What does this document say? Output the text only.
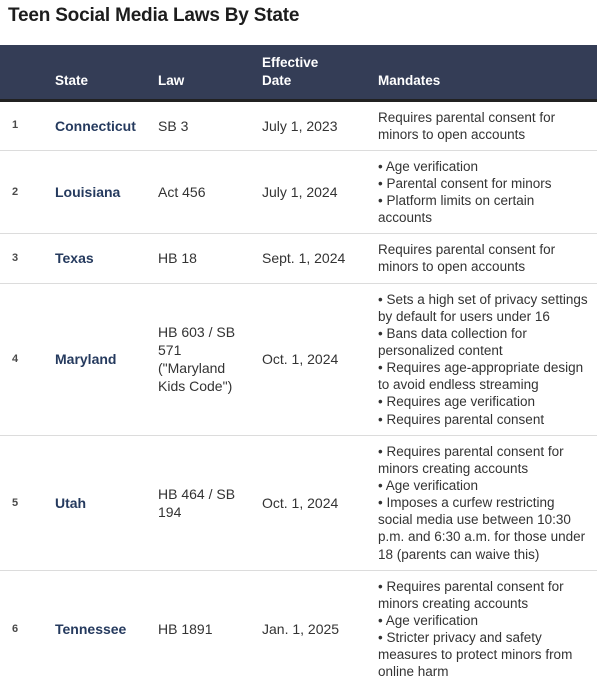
Teen Social Media Laws By State
	State	Law	Effective Date	Mandates
1	Connecticut	SB 3	July 1, 2023	Requires parental consent for minors to open accounts

2	Louisiana	Act 456	July 1, 2024	• Age verification
• Parental consent for minors
• Platform limits on certain accounts

3	Texas	HB 18	Sept. 1, 2024	Requires parental consent for minors to open accounts

4	Maryland	HB 603 / SB 571 ("Maryland Kids Code")	Oct. 1, 2024	• Sets a high set of privacy settings by default for users under 16
• Bans data collection for personalized content
• Requires age-appropriate design to avoid endless streaming
• Requires age verification
• Requires parental consent

5	Utah	HB 464 / SB 194	Oct. 1, 2024	• Requires parental consent for minors creating accounts
• Age verification
• Imposes a curfew restricting social media use between 10:30 p.m. and 6:30 a.m. for those under 18 (parents can waive this)

6	Tennessee	HB 1891	Jan. 1, 2025	• Requires parental consent for minors creating accounts
• Age verification
• Stricter privacy and safety measures to protect minors from online harm
